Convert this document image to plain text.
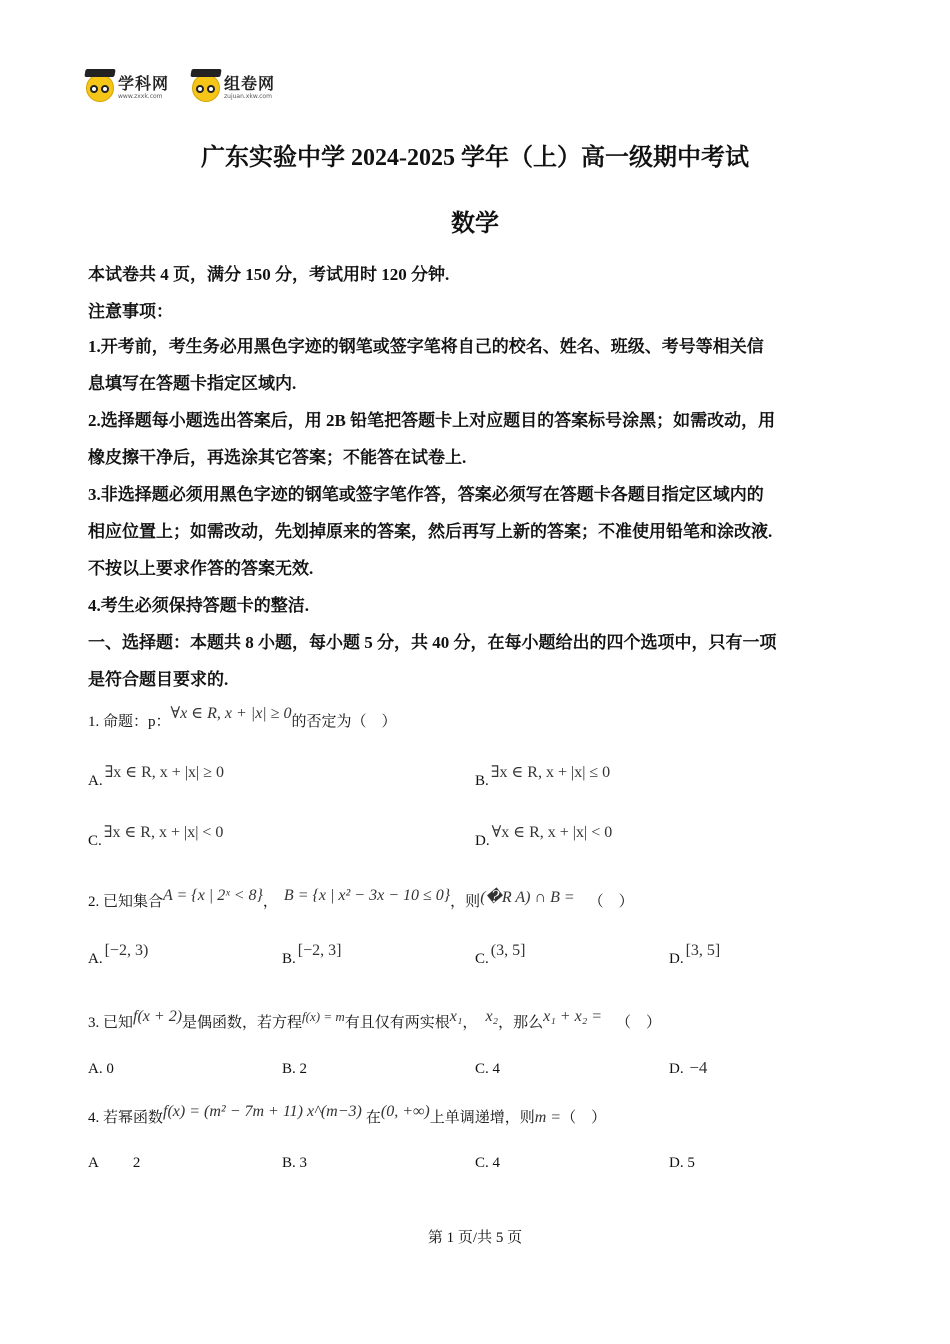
学科网
www.zxxk.com
组卷网
zujuan.xkw.com
广东实验中学 2024-2025 学年（上）高一级期中考试
数学
本试卷共 4 页，满分 150 分，考试用时 120 分钟.
注意事项：
1.开考前，考生务必用黑色字迹的钢笔或签字笔将自己的校名、姓名、班级、考号等相关信
息填写在答题卡指定区域内.
2.选择题每小题选出答案后，用 2B 铅笔把答题卡上对应题目的答案标号涂黑；如需改动，用
橡皮擦干净后，再选涂其它答案；不能答在试卷上.
3.非选择题必须用黑色字迹的钢笔或签字笔作答，答案必须写在答题卡各题目指定区域内的
相应位置上；如需改动，先划掉原来的答案，然后再写上新的答案；不准使用铅笔和涂改液.
不按以上要求作答的答案无效.
4.考生必须保持答题卡的整洁.
一、选择题：本题共 8 小题，每小题 5 分，共 40 分，在每小题给出的四个选项中，只有一项
是符合题目要求的.
1. 命题：p：∀x ∈ R, x + |x| ≥ 0的否定为（　）
A. ∃x ∈ R, x + |x| ≥ 0	B. ∃x ∈ R, x + |x| ≤ 0
C. ∃x ∈ R, x + |x| < 0	D. ∀x ∈ R, x + |x| < 0
2. 已知集合A = {x | 2ˣ < 8}， B = {x | x² − 3x − 10 ≤ 0}，则(�R A) ∩ B = （　）
A. [−2, 3)	B. [−2, 3]	C. (3, 5]	D. [3, 5]
3. 已知f(x + 2)是偶函数，若方程f(x) = m有且仅有两实根x₁， x₂，那么x₁ + x₂ = （　）
A. 0	B. 2	C. 4	D. −4
4. 若幂函数f(x) = (m² − 7m + 11) x^(m−3) 在(0, +∞)上单调递增，则m =（　）
A 2	B. 3	C. 4	D. 5
第 1 页/共 5 页
